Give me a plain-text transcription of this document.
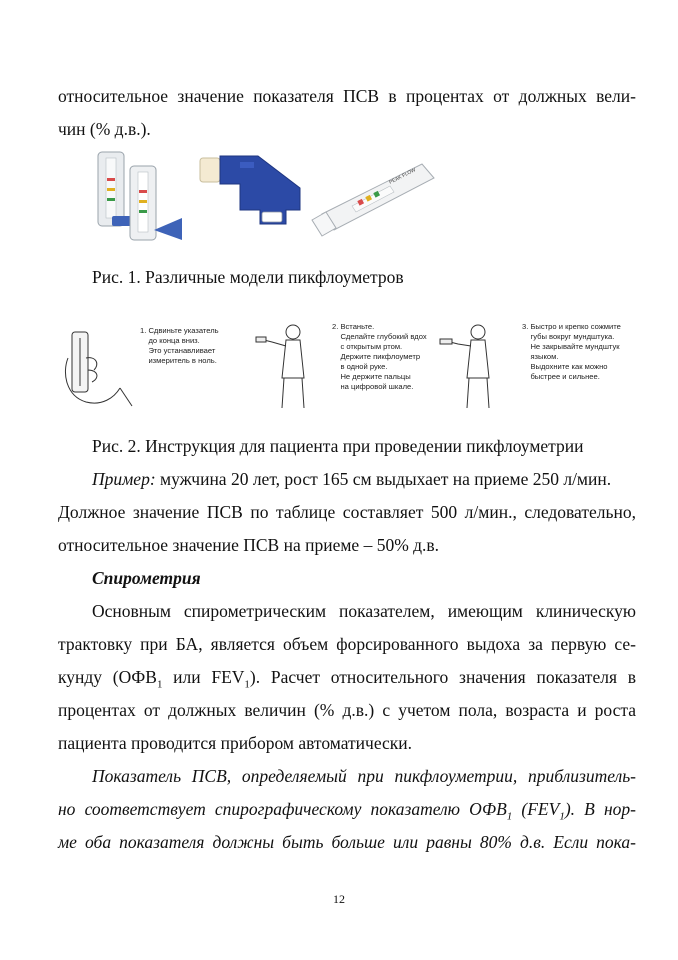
относительное значение показателя ПСВ в процентах от должных вели-
чин (% д.в.).
PEAK FLOW
Рис. 1. Различные модели пикфлоуметров
1. Сдвиньте указатель
до конца вниз.
Это устанавливает
измеритель в ноль.
2. Встаньте.
Сделайте глубокий вдох
с открытым ртом.
Держите пикфлоуметр
в одной руке.
Не держите пальцы
на цифровой шкале.
3. Быстро и крепко сожмите
губы вокруг мундштука.
Не закрывайте мундштук
языком.
Выдохните как можно
быстрее и сильнее.
Рис. 2. Инструкция для пациента при проведении пикфлоуметрии
Пример: мужчина 20 лет, рост 165 см выдыхает на приеме 250 л/мин.
Должное значение ПСВ по таблице составляет 500 л/мин., следовательно,
относительное значение ПСВ на приеме – 50% д.в.
Спирометрия
Основным спирометрическим показателем, имеющим клиническую
трактовку при БА, является объем форсированного выдоха за первую се-
кунду ($ОФВ_1$ или $FEV_1$). Расчет относительного значения показателя в
процентах от должных величин (% д.в.) с учетом пола, возраста и роста
пациента проводится прибором автоматически.
Показатель ПСВ, определяемый при пикфлоуметрии, приблизитель-
но соответствует спирографическому показателю $ОФВ_1$ $(FEV_1)$. В нор-
ме оба показателя должны быть больше или равны 80% д.в. Если пока-
12
